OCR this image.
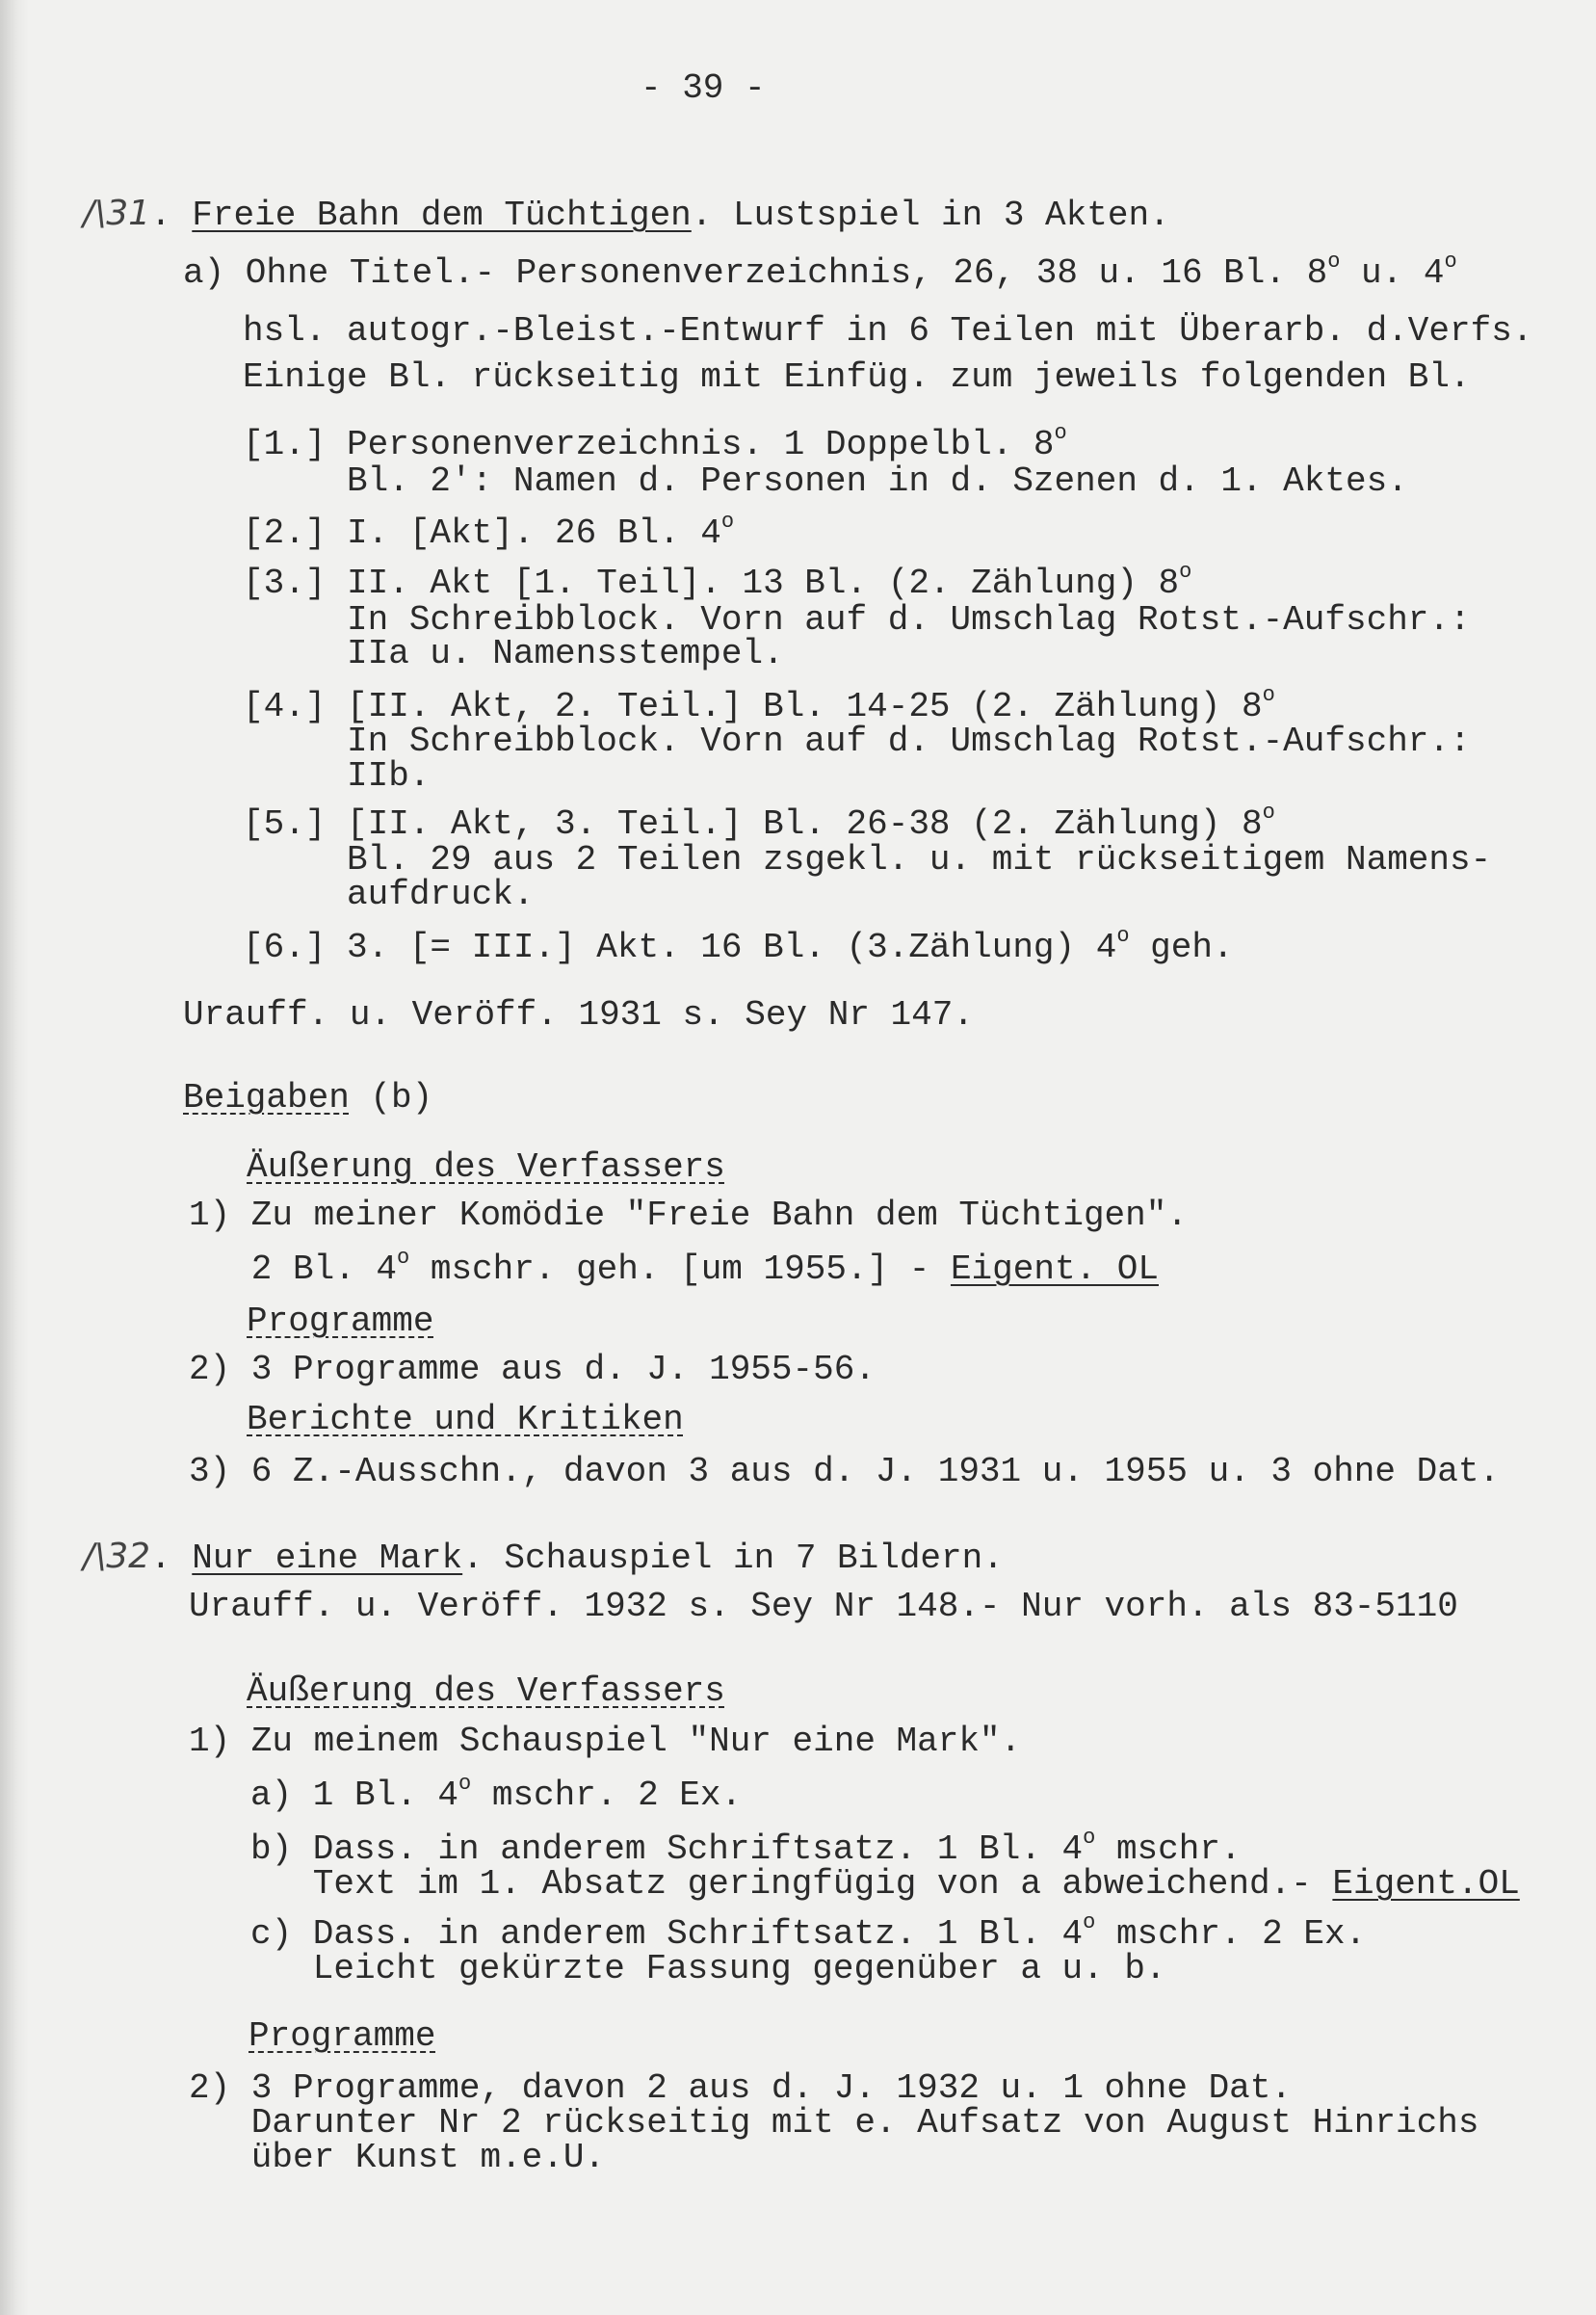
- 39 -
/\31. Freie Bahn dem Tüchtigen. Lustspiel in 3 Akten.
a) Ohne Titel.- Personenverzeichnis, 26, 38 u. 16 Bl. 8$^o$ u. 4$^o$
hsl. autogr.-Bleist.-Entwurf in 6 Teilen mit Überarb. d.Verfs.
Einige Bl. rückseitig mit Einfüg. zum jeweils folgenden Bl.
[1.] Personenverzeichnis. 1 Doppelbl. 8$^o$
Bl. 2': Namen d. Personen in d. Szenen d. 1. Aktes.
[2.] I. [Akt]. 26 Bl. 4$^o$
[3.] II. Akt [1. Teil]. 13 Bl. (2. Zählung) 8$^o$
In Schreibblock. Vorn auf d. Umschlag Rotst.-Aufschr.:
IIa u. Namensstempel.
[4.] [II. Akt, 2. Teil.] Bl. 14-25 (2. Zählung) 8$^o$
In Schreibblock. Vorn auf d. Umschlag Rotst.-Aufschr.:
IIb.
[5.] [II. Akt, 3. Teil.] Bl. 26-38 (2. Zählung) 8$^o$
Bl. 29 aus 2 Teilen zsgekl. u. mit rückseitigem Namens-
aufdruck.
[6.] 3. [= III.] Akt. 16 Bl. (3.Zählung) 4$^o$ geh.
Urauff. u. Veröff. 1931 s. Sey Nr 147.
Beigaben (b)
Äußerung des Verfassers
1) Zu meiner Komödie "Freie Bahn dem Tüchtigen".
2 Bl. 4$^o$ mschr. geh. [um 1955.] - Eigent. OL
Programme
2) 3 Programme aus d. J. 1955-56.
Berichte und Kritiken
3) 6 Z.-Ausschn., davon 3 aus d. J. 1931 u. 1955 u. 3 ohne Dat.
/\32. Nur eine Mark. Schauspiel in 7 Bildern.
Urauff. u. Veröff. 1932 s. Sey Nr 148.- Nur vorh. als 83-5110
Äußerung des Verfassers
1) Zu meinem Schauspiel "Nur eine Mark".
a) 1 Bl. 4$^o$ mschr. 2 Ex.
b) Dass. in anderem Schriftsatz. 1 Bl. 4$^o$ mschr.
Text im 1. Absatz geringfügig von a abweichend.- Eigent.OL
c) Dass. in anderem Schriftsatz. 1 Bl. 4$^o$ mschr. 2 Ex.
Leicht gekürzte Fassung gegenüber a u. b.
Programme
2) 3 Programme, davon 2 aus d. J. 1932 u. 1 ohne Dat.
Darunter Nr 2 rückseitig mit e. Aufsatz von August Hinrichs
über Kunst m.e.U.
